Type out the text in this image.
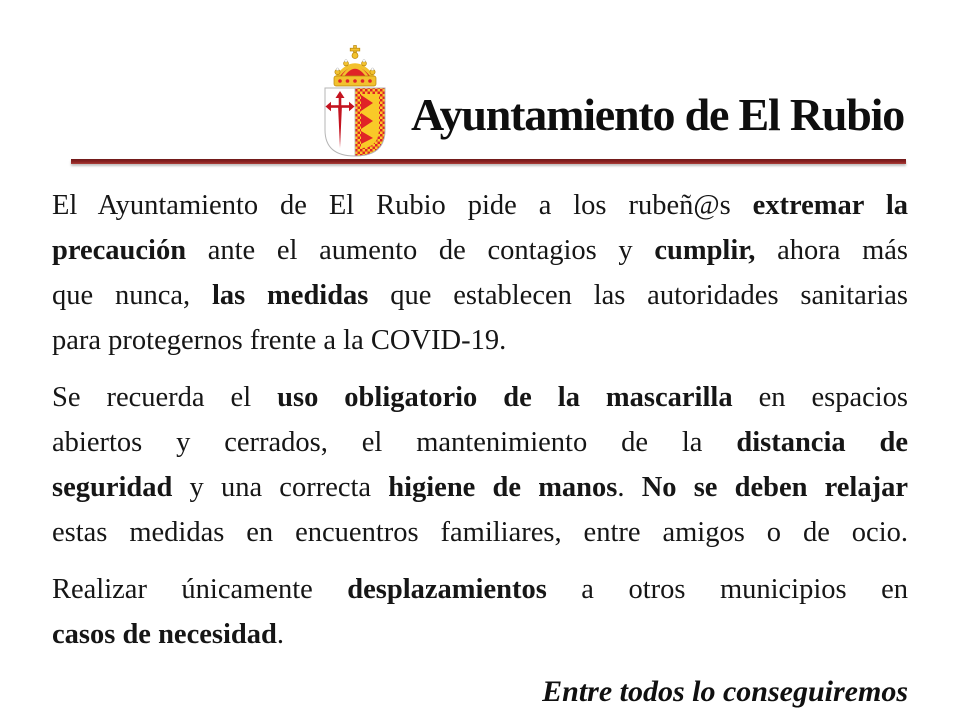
Ayuntamiento de El Rubio
El Ayuntamiento de El Rubio pide a los rubeñ@s extremar la
precaución ante el aumento de contagios y cumplir, ahora más
que nunca, las medidas que establecen las autoridades sanitarias
para protegernos frente a la COVID-19.
Se recuerda el uso obligatorio de la mascarilla en espacios
abiertos y cerrados, el mantenimiento de la distancia de
seguridad y una correcta higiene de manos. No se deben relajar
estas medidas en encuentros familiares, entre amigos o de ocio.
Realizar únicamente desplazamientos a otros municipios en
casos de necesidad.
Entre todos lo conseguiremos
